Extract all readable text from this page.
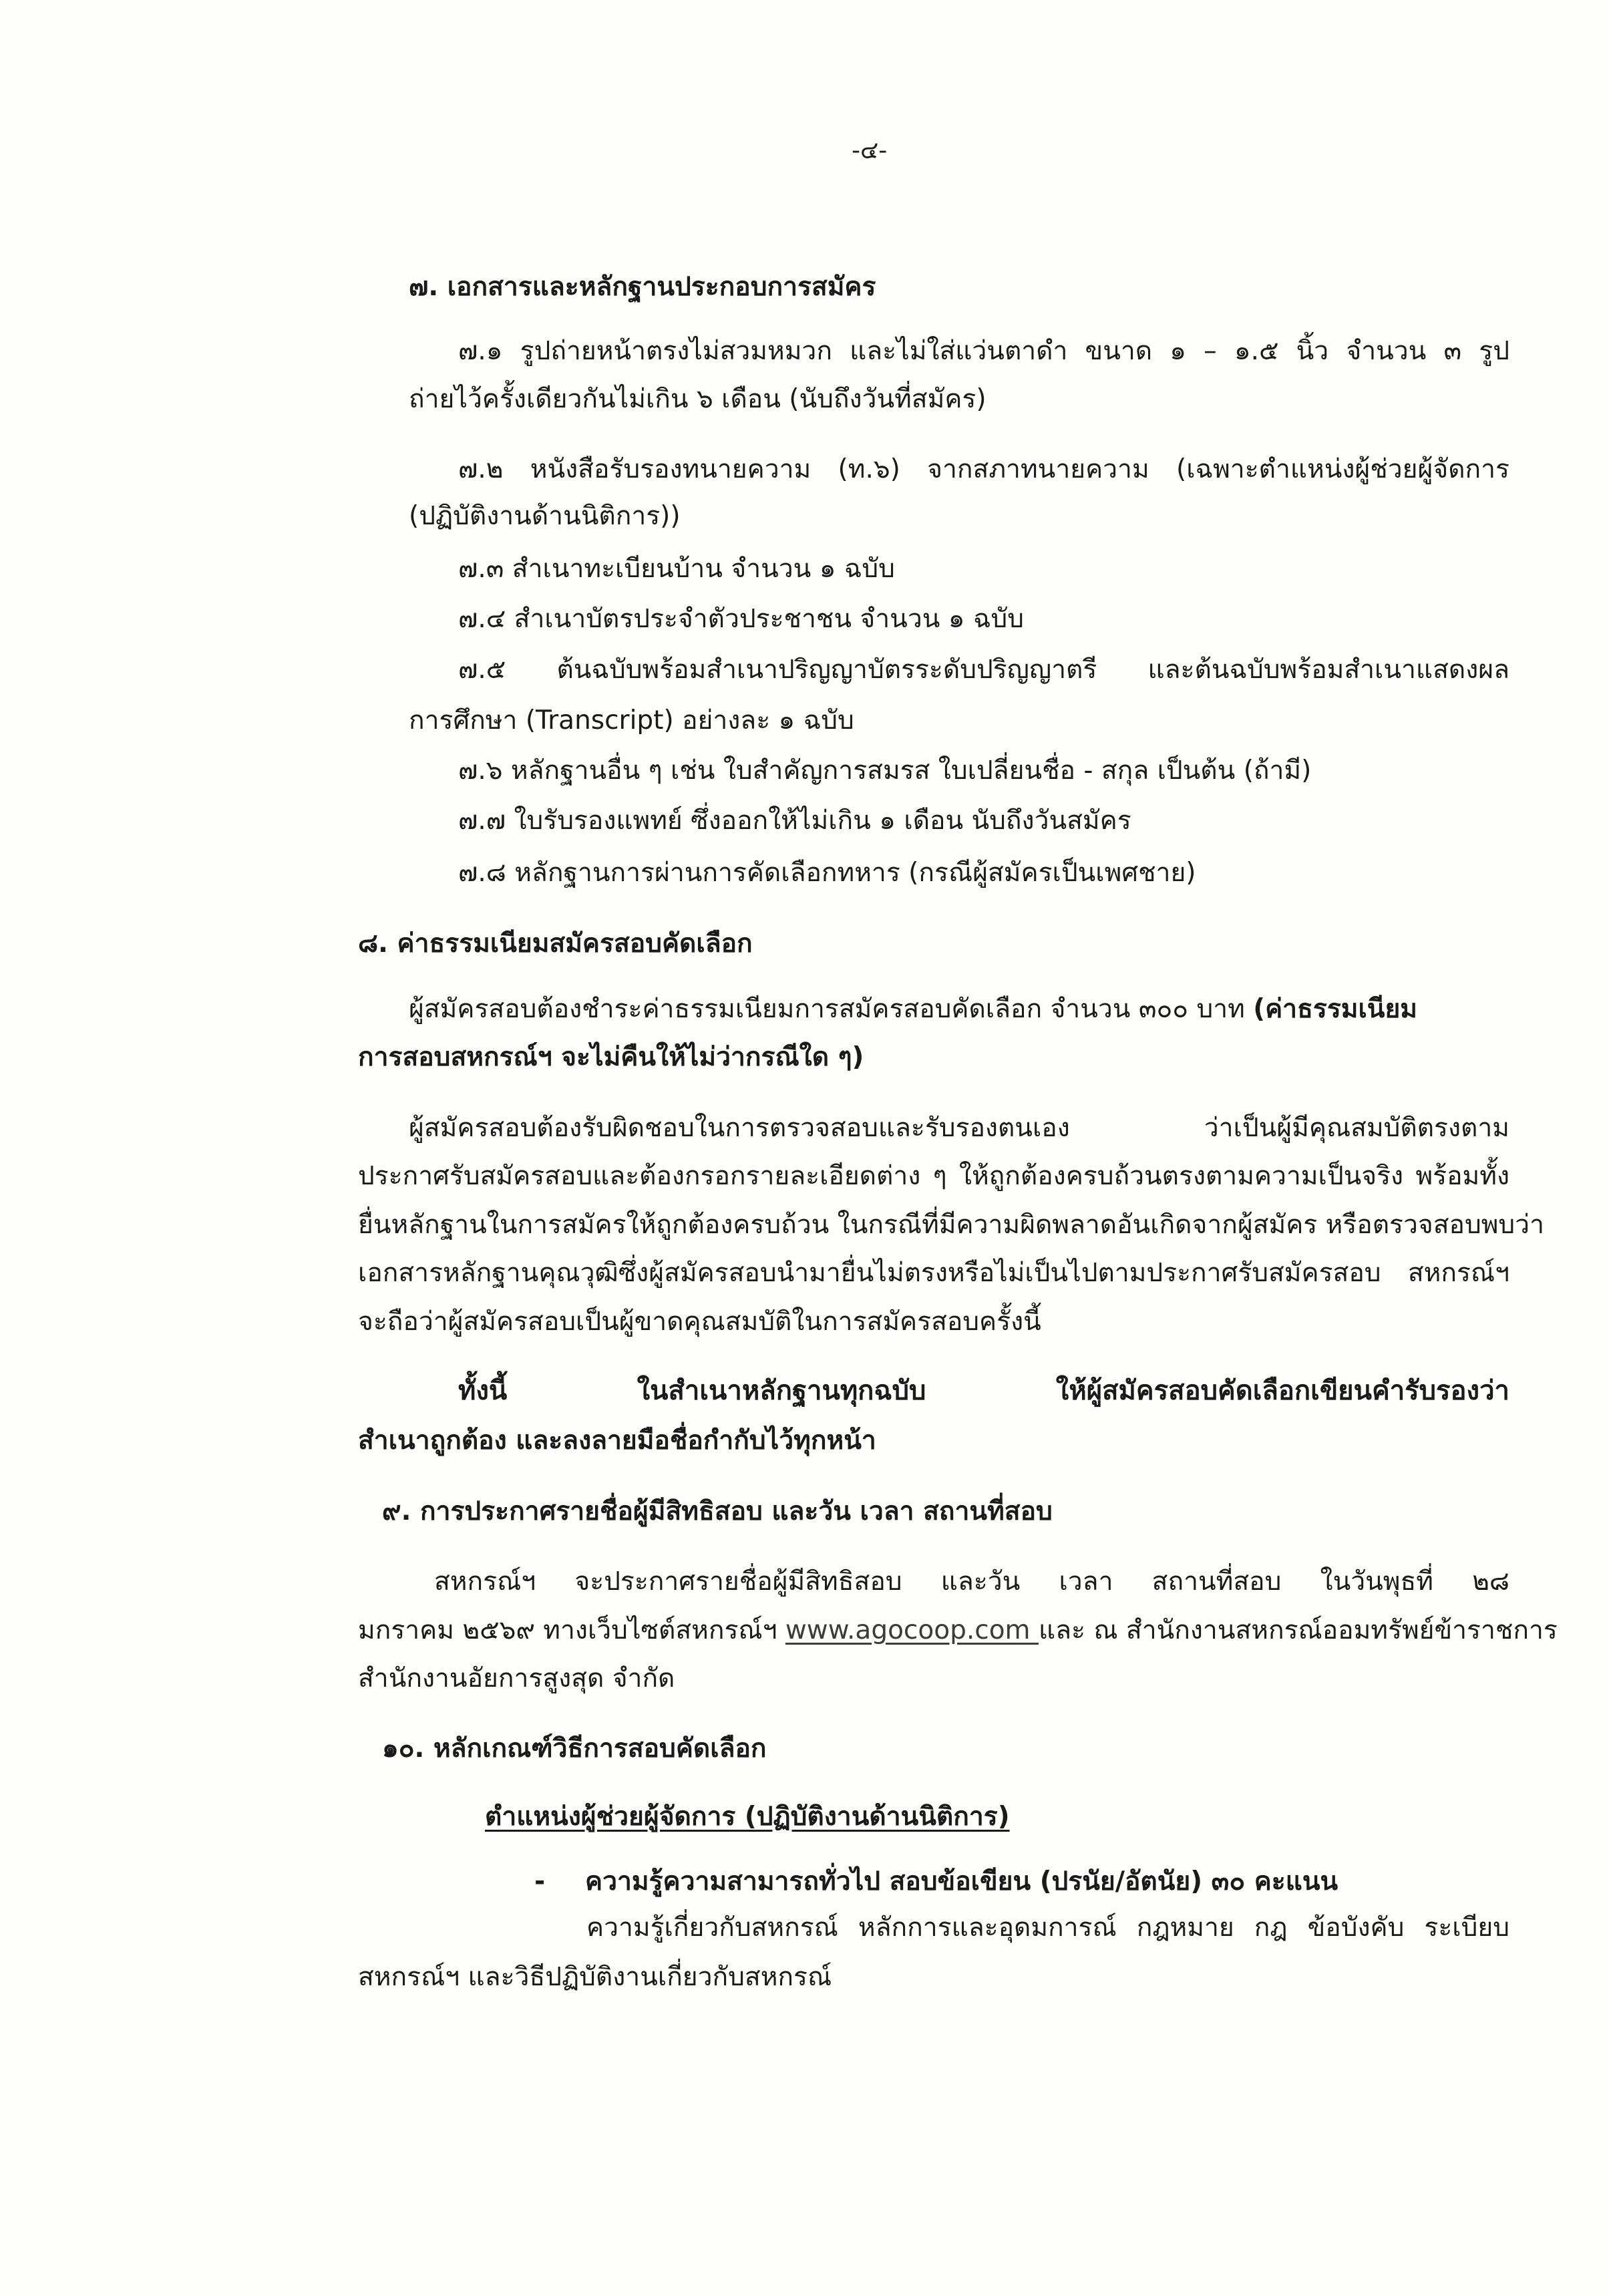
-๔-
๗. เอกสารและหลักฐานประกอบการสมัคร
๗.๑ รูปถ่ายหน้าตรงไม่สวมหมวก และไม่ใส่แว่นตาดำ ขนาด ๑ – ๑.๕ นิ้ว จำนวน ๓ รูป
ถ่ายไว้ครั้งเดียวกันไม่เกิน ๖ เดือน (นับถึงวันที่สมัคร)
๗.๒ หนังสือรับรองทนายความ (ท.๖) จากสภาทนายความ (เฉพาะตำแหน่งผู้ช่วยผู้จัดการ
(ปฏิบัติงานด้านนิติการ))
๗.๓ สำเนาทะเบียนบ้าน จำนวน ๑ ฉบับ
๗.๔ สำเนาบัตรประจำตัวประชาชน จำนวน ๑ ฉบับ
๗.๕ ต้นฉบับพร้อมสำเนาปริญญาบัตรระดับปริญญาตรี และต้นฉบับพร้อมสำเนาแสดงผล
การศึกษา (Transcript) อย่างละ ๑ ฉบับ
๗.๖ หลักฐานอื่น ๆ เช่น ใบสำคัญการสมรส ใบเปลี่ยนชื่อ - สกุล เป็นต้น (ถ้ามี)
๗.๗ ใบรับรองแพทย์ ซึ่งออกให้ไม่เกิน ๑ เดือน นับถึงวันสมัคร
๗.๘ หลักฐานการผ่านการคัดเลือกทหาร (กรณีผู้สมัครเป็นเพศชาย)
๘. ค่าธรรมเนียมสมัครสอบคัดเลือก
ผู้สมัครสอบต้องชำระค่าธรรมเนียมการสมัครสอบคัดเลือก จำนวน ๓๐๐ บาท (ค่าธรรมเนียม
การสอบสหกรณ์ฯ จะไม่คืนให้ไม่ว่ากรณีใด ๆ)
ผู้สมัครสอบต้องรับผิดชอบในการตรวจสอบและรับรองตนเอง ว่าเป็นผู้มีคุณสมบัติตรงตาม
ประกาศรับสมัครสอบและต้องกรอกรายละเอียดต่าง ๆ ให้ถูกต้องครบถ้วนตรงตามความเป็นจริง พร้อมทั้ง
ยื่นหลักฐานในการสมัครให้ถูกต้องครบถ้วน ในกรณีที่มีความผิดพลาดอันเกิดจากผู้สมัคร หรือตรวจสอบพบว่า
เอกสารหลักฐานคุณวุฒิซึ่งผู้สมัครสอบนำมายื่นไม่ตรงหรือไม่เป็นไปตามประกาศรับสมัครสอบ สหกรณ์ฯ
จะถือว่าผู้สมัครสอบเป็นผู้ขาดคุณสมบัติในการสมัครสอบครั้งนี้
ทั้งนี้ ในสำเนาหลักฐานทุกฉบับ ให้ผู้สมัครสอบคัดเลือกเขียนคำรับรองว่า
สำเนาถูกต้อง และลงลายมือชื่อกำกับไว้ทุกหน้า
๙. การประกาศรายชื่อผู้มีสิทธิสอบ และวัน เวลา สถานที่สอบ
สหกรณ์ฯ จะประกาศรายชื่อผู้มีสิทธิสอบ และวัน เวลา สถานที่สอบ ในวันพุธที่ ๒๘
มกราคม ๒๕๖๙ ทางเว็บไซต์สหกรณ์ฯ www.agocoop.com และ ณ สำนักงานสหกรณ์ออมทรัพย์ข้าราชการ
สำนักงานอัยการสูงสุด จำกัด
๑๐. หลักเกณฑ์วิธีการสอบคัดเลือก
ตำแหน่งผู้ช่วยผู้จัดการ (ปฏิบัติงานด้านนิติการ)
- ความรู้ความสามารถทั่วไป สอบข้อเขียน (ปรนัย/อัตนัย) ๓๐ คะแนน
ความรู้เกี่ยวกับสหกรณ์ หลักการและอุดมการณ์ กฎหมาย กฎ ข้อบังคับ ระเบียบ
สหกรณ์ฯ และวิธีปฏิบัติงานเกี่ยวกับสหกรณ์
